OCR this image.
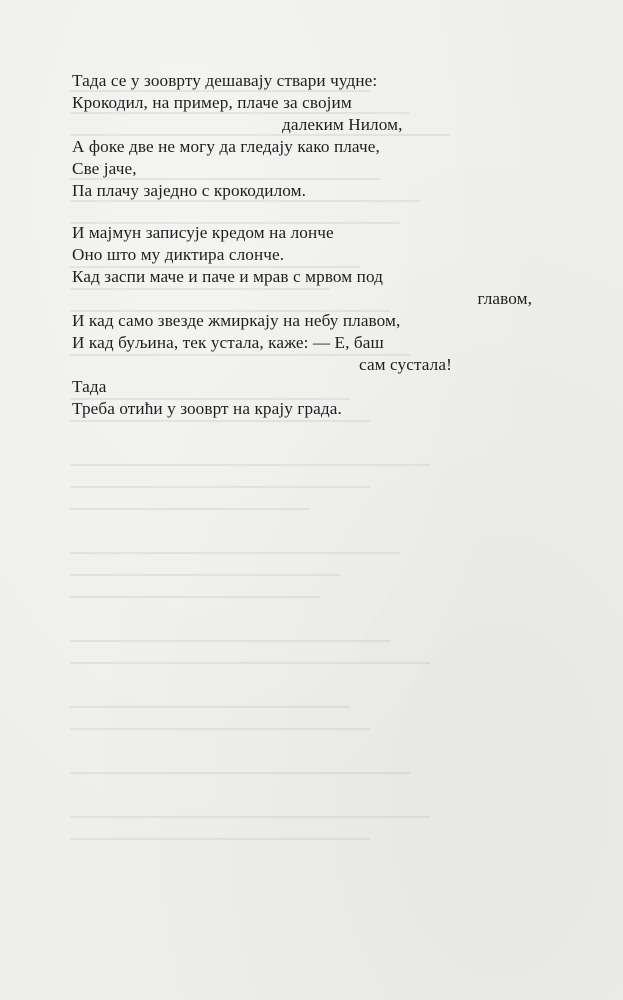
Тада се у зооврту дешавају ствари чудне:
Крокодил, на пример, плаче за својим
далеким Нилом,
А фоке две не могу да гледају како плаче,
Све јаче,
Па плачу заједно с крокодилом.
И мајмун записује кредом на лонче
Оно што му диктира слонче.
Кад заспи маче и паче и мрав с мрвом под
главом,
И кад само звезде жмиркају на небу плавом,
И кад буљина, тек устала, каже: — Е, баш
сам сустала!
Тада
Треба отићи у зооврт на крају града.
